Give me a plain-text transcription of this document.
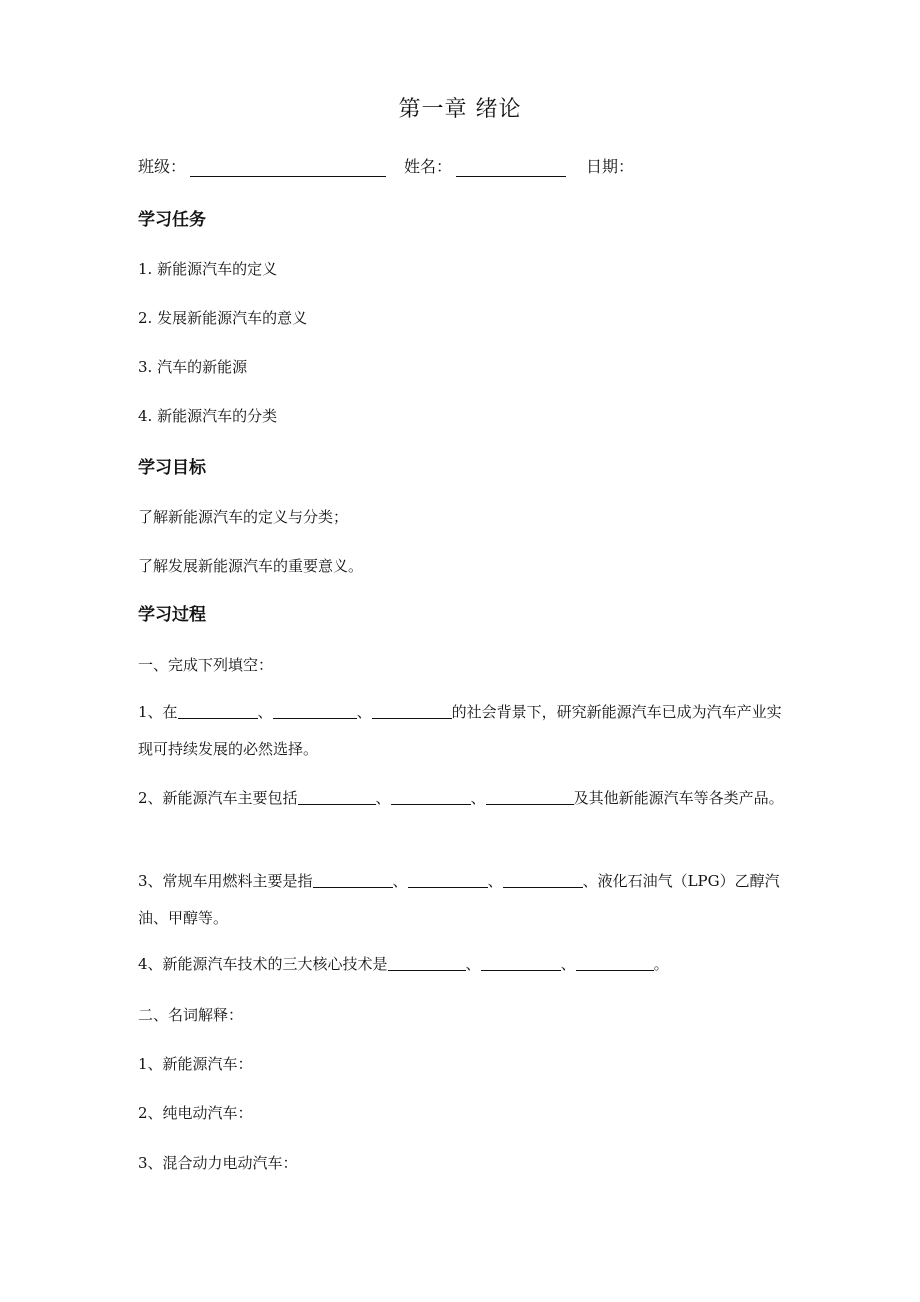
第一章 绪论
班级：	姓名：	日期：
学习任务
1. 新能源汽车的定义
2. 发展新能源汽车的意义
3. 汽车的新能源
4. 新能源汽车的分类
学习目标
了解新能源汽车的定义与分类；
了解发展新能源汽车的重要意义。
学习过程
一、完成下列填空：
1、在	、	、	的社会背景下，研究新能源汽车已成为汽车产业实现可持续发展的必然选择。
2、新能源汽车主要包括	、	、	及其他新能源汽车等各类产品。
3、常规车用燃料主要是指	、	、	、液化石油气（LPG）乙醇汽油、甲醇等。
4、新能源汽车技术的三大核心技术是	、	、	。
二、名词解释：
1、新能源汽车：
2、纯电动汽车：
3、混合动力电动汽车：
